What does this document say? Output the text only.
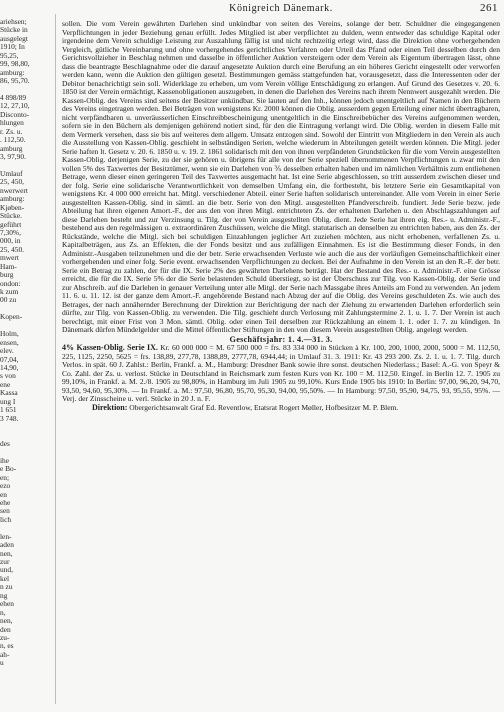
ariehsen;
Stücke in
ausgelegt
1910; In
95,25,
99, 98,80,
amburg:
86, 95,70.
4 898/89
12, 27,10,
Disconto-
hlungen
r. Zs. u.
. 112,50.
amburg
3, 97,90.
Umlauf
25, 450,
nwerwert
amburg:
Kjøben-
Stücke.
geführt
7,30%,
000, in
25, 450.
mwert
Ham-
burg
ondon:
k zum
00 zu
Kopen-
Holm,
ensen,
elev.
07,04,
14,90,
s von
ene
Kassa
ung I
1 651
3 748.
des
ihe
e Bo-
en;
ezo
en
ehe
sen
lich
len-
aden
nen,
zur
und,
kel
n zu
ng
ehen
n,
nen,
den
zu-
n, es
ah-
u
Königreich Dänemark.	261

sollen. Die vom Verein gewährten Darlehen sind unkündbar von seiten des Vereins, solange der betr. Schuldner die eingegangenen Verpflichtungen in jeder Beziehung genau erfüllt. Jedes Mitglied ist aber verpflichtet zu dulden, wenn entweder das schuldige Kapital oder irgendeine dem Verein schuldige Leistung zur Auszahlung fällig ist und nicht rechtzeitig erlegt wird, dass die Direktion ohne vorhergehenden Vergleich, gütliche Vereinbarung und ohne vorhergehendes gerichtliches Verfahren oder Urteil das Pfand oder einen Teil desselben durch den Gerichtsvollzieher in Beschlag nehmen und dasselbe in öffentlicher Auktion versteigern oder dem Verein als Eigentum übertragen lässt, ohne dass die beantragte Beschlagnahme oder die darauf angesetzte Auktion durch eine Berufung an ein höheres Gericht eingestellt oder verworfen werden kann, wenn die Auktion den gültigen gesetzl. Bestimmungen gemäss stattgefunden hat, vorausgesetzt, dass die Interessenten oder der Debitor benachrichtigt sein soll. Widerklage zu erheben, um vom Verein völlige Entschädigung zu erlangen. Auf Grund des Gesetzes v. 20. 6. 1850 ist der Verein ermächtigt, Kassenobligationen auszugeben, in denen die Darlehen des Vereins nach ihrem Nennwert ausgezahlt werden. Die Kassen-Oblig. des Vereins sind seitens der Besitzer unkündbar. Sie lauten auf den Inh., können jedoch unentgeltlich auf Namen in den Büchern des Vereins eingetragen werden. Bei Beträgen von wenigstens Kr. 2000 können die Oblig. ausserdem gegen Erteilung einer nicht übertragbaren, nicht verpfändbaren u. unveräusserlichen Einschreibbescheinigung unentgeltlich in die Einschreibebücher des Vereins aufgenommen werden, sofern sie in den Büchern als demjenigen gehörend notiert sind, für den die Eintragung verlangt wird. Die Oblig. werden in diesem Falle mit dem Vermerk versehen, dass sie bis auf weiteres dem allgem. Umsatz entzogen sind. Sowohl der Eintritt von Mitgliedern in den Verein als auch die Ausstellung von Kassen-Oblig. geschieht in selbständigen Serien, welche wiederum in Abteilungen geteilt werden können. Die Mitgl. jeder Serie haften lt. Gesetz v. 20. 6. 1850 u. v. 19. 2. 1861 solidarisch mit den von ihnen verpfändeten Grundstücken für die vom Verein ausgestellten Kassen-Oblig. derjenigen Serie, zu der sie gehören u. übrigens für alle von der Serie speziell übernommenen Verpflichtungen u. zwar mit den vollen 5% des Taxwertes der Besitztümer, wenn sie ein Darlehen von ⅗ desselben erhalten haben und im nämlichen Verhältnis zum entliehenen Betrage, wenn dieser einen geringeren Teil des Taxwertes ausgemacht hat. Ist eine Serie abgeschlossen, so tritt ausserdem zwischen dieser und der folg. Serie eine solidarische Verantwortlichkeit von demselben Umfang ein, die fortbesteht, bis letztere Serie ein Gesamtkapital von wenigstens Kr. 4 000 000 erreicht hat. Mitgl. verschiedener Abteil. einer Serie haften solidarisch untereinander. Alle vom Verein in einer Serie ausgestellten Kassen-Oblig. sind in sämtl. an die betr. Serie von den Mitgl. ausgestellten Pfandverschreib. fundiert. Jede Serie bezw. jede Abteilung hat ihren eigenen Amort.-F., der aus den von ihren Mitgl. entrichteten Zs. der erhaltenen Darlehen u. den Abschlagszahlungen auf diese Darlehen besteht und zur Verzinsung u. Tilg. der von Verein ausgestellten Oblig. dient. Jede Serie hat ihren eig. Res.- u. Administr.-F., bestehend aus den regelmässigen u. extraordinären Zuschüssen, welche die Mitgl. statutarisch an denselben zu entrichten haben, aus den Zs. der Rückstände, welche die Mitgl. sich bei schuldigen Einzahlungen jeglicher Art zuziehen möchten, aus nicht erhobenen, verfallenen Zs. u. Kapitalbeträgen, aus Zs. an Effekten, die der Fonds besitzt und aus zufälligen Einnahmen. Es ist die Bestimmung dieser Fonds, in den Administr.-Ausgaben teilzunehmen und die der betr. Serie erwachsenden Verluste wie auch die aus der vorläufigen Gemeinschaftlichkeit einer vorhergehenden und einer folg. Serie event. erwachsenden Verpflichtungen zu decken. Bei der Aufnahme in den Verein ist an den R.-F. der betr. Serie ein Betrag zu zahlen, der für die IX. Serie 2% des gewährten Darlehens beträgt. Hat der Bestand des Res.- u. Administr.-F. eine Grösse erreicht, die für die IX. Serie 5% der die Serie belastenden Schuld überstiegt, so ist der Überschuss zur Tilg. von Kassen-Oblig. der Serie und zur Abschreib. auf die Darlehen in genauer Verteilung unter alle Mitgl. der Serie nach Massgabe ihres Anteils am Fond zu verwenden. An jedem 11. 6. u. 11. 12. ist der ganze dem Amort.-F. angehörende Bestand nach Abzug der auf die Oblig. des Vereins geschuldeten Zs. wie auch des Betrages, der nach annähernder Berechnung der Direktion zur Berichtigung der nach der Ziehung zu erwartenden Darlehen erforderlich sein dürfte, zur Tilg. von Kassen-Oblig. zu verwenden. Die Tilg. geschieht durch Verlosung mit Zahlungstermine 2. 1. u. 1. 7. Der Verein ist auch berechtigt, mit einer Frist von 3 Mon. sämtl. Oblig. oder einen Teil derselben zur Rückzahlung an einem 1. 1. oder 1. 7. zu kündigen. In Dänemark dürfen Mündelgelder und die Mittel öffentlicher Stiftungen in den von diesem Verein ausgestellten Oblig. angelegt werden.

Geschäftsjahr: 1. 4.—31. 3.

4% Kassen-Oblig. Serie IX. Kr. 60 000 000 = M. 67 500 000 = frs. 83 334 000 in Stücken à Kr. 100, 200, 1000, 2000, 5000 = M. 112,50, 225, 1125, 2250, 5625 = frs. 138,89, 277,78, 1388,89, 2777,78, 6944,44; in Umlauf 31. 3. 1911: Kr. 43 293 200. Zs. 2. 1. u. 1. 7. Tilg. durch Verlos. in spät. 60 J. Zahlst.: Berlin, Frankf. a. M., Hamburg: Dresdner Bank sowie ihre sonst. deutschen Niederlass.; Basel: A.-G. von Speyr & Co. Zahl. der Zs. u. verlost. Stücke in Deutschland in Reichsmark zum festen Kurs von Kr. 100 = M. 112,50. Eingef. in Berlin 12. 7. 1905 zu 99,10%, in Frankf. a. M. 2./8. 1905 zu 98,80%, in Hamburg im Juli 1905 zu 99,10%. Kurs Ende 1905 bis 1910: In Berlin: 97,00, 96,20, 94,70, 93,50, 94,60, 95,30%. — In Frankf. a. M.: 97,50, 96,80, 95,70, 95,30, 94,00, 95,50%. — In Hamburg: 97,50, 95,90, 94,75, 93, 95,55, 95%. — Verj. der Zinsscheine u. verl. Stücke in 20 J. n. F.

Direktion: Obergerichtsanwalt Graf Ed. Reventlow, Etatsrat Rogert Møller, Hofbesitzer M. P. Blem.
